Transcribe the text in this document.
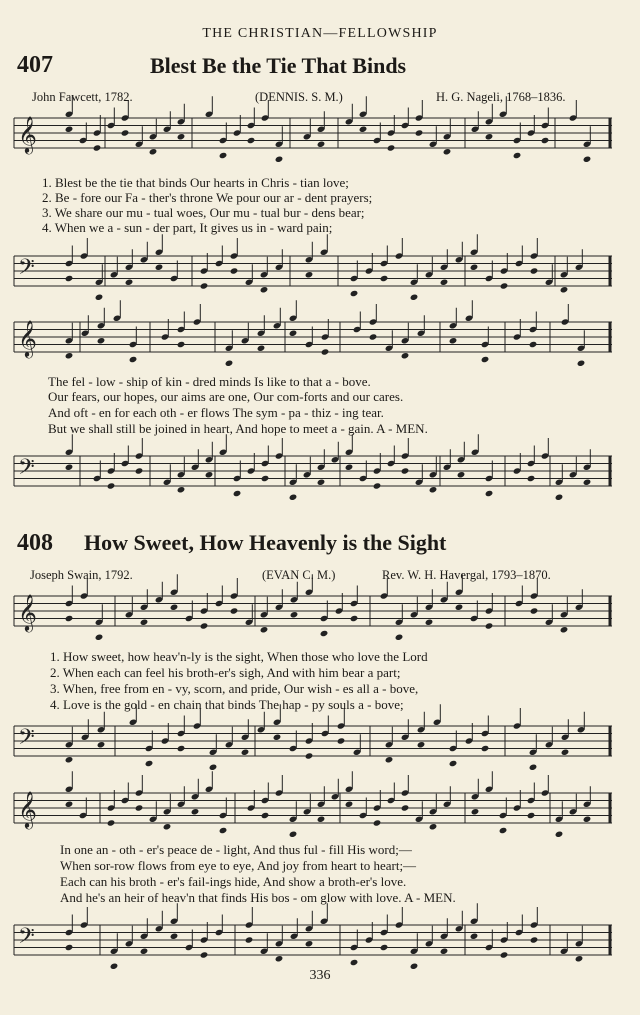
THE CHRISTIAN—FELLOWSHIP
407	Blest Be the Tie That Binds
John Fawcett, 1782.	(DENNIS. S. M.)	H. G. Nageli, 1768–1836.
𝄞
𝄢
𝄞
𝄢
𝄞
𝄢
𝄞
𝄢
1. Blest be the tie that binds Our hearts in Chris - tian love;
2. Be - fore our Fa - ther's throne We pour our ar - dent prayers;
3. We share our mu - tual woes, Our mu - tual bur - dens bear;
4. When we a - sun - der part, It gives us in - ward pain;
The fel - low - ship of kin - dred minds Is like to that a - bove.
Our fears, our hopes, our aims are one, Our com-forts and our cares.
And oft - en for each oth - er flows The sym - pa - thiz - ing tear.
But we shall still be joined in heart, And hope to meet a - gain. A - MEN.
408 How Sweet, How Heavenly is the Sight
Joseph Swain, 1792.	(EVAN C. M.)	Rev. W. H. Havergal, 1793–1870.
1. How sweet, how heav'n-ly is the sight, When those who love the Lord
2. When each can feel his broth-er's sigh, And with him bear a part;
3. When, free from en - vy, scorn, and pride, Our wish - es all a - bove,
4. Love is the gold - en chain that binds The hap - py souls a - bove;
In one an - oth - er's peace de - light, And thus ful - fill His word;—
When sor-row flows from eye to eye, And joy from heart to heart;—
Each can his broth - er's fail-ings hide, And show a broth-er's love.
And he's an heir of heav'n that finds His bos - om glow with love. A - MEN.
336
